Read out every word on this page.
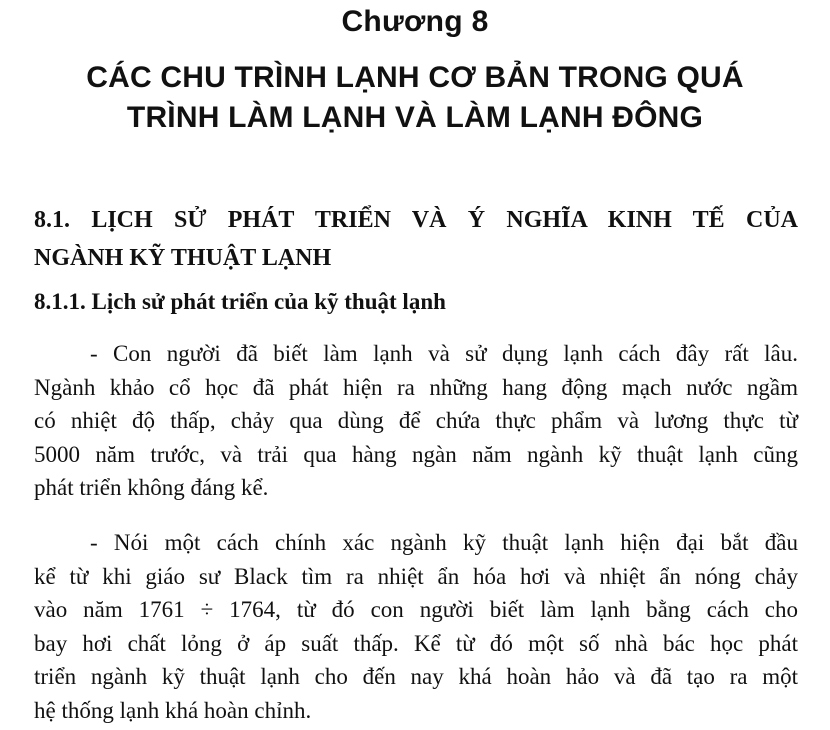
Chương 8
CÁC CHU TRÌNH LẠNH CƠ BẢN TRONG QUÁ
TRÌNH LÀM LẠNH VÀ LÀM LẠNH ĐÔNG
8.1. LỊCH SỬ PHÁT TRIỂN VÀ Ý NGHĨA KINH TẾ CỦA
NGÀNH KỸ THUẬT LẠNH
8.1.1. Lịch sử phát triển của kỹ thuật lạnh
- Con người đã biết làm lạnh và sử dụng lạnh cách đây rất lâu.
Ngành khảo cổ học đã phát hiện ra những hang động mạch nước ngầm
có nhiệt độ thấp, chảy qua dùng để chứa thực phẩm và lương thực từ
5000 năm trước, và trải qua hàng ngàn năm ngành kỹ thuật lạnh cũng
phát triển không đáng kể.
- Nói một cách chính xác ngành kỹ thuật lạnh hiện đại bắt đầu
kể từ khi giáo sư Black tìm ra nhiệt ẩn hóa hơi và nhiệt ẩn nóng chảy
vào năm 1761 ÷ 1764, từ đó con người biết làm lạnh bằng cách cho
bay hơi chất lỏng ở áp suất thấp. Kể từ đó một số nhà bác học phát
triển ngành kỹ thuật lạnh cho đến nay khá hoàn hảo và đã tạo ra một
hệ thống lạnh khá hoàn chỉnh.
